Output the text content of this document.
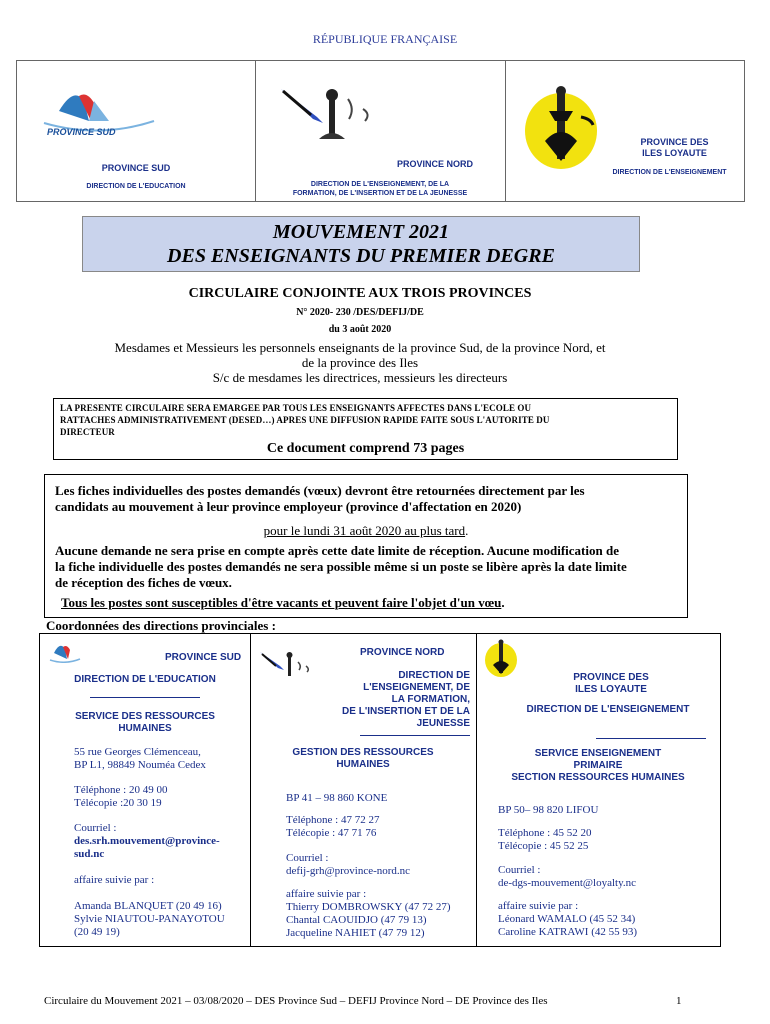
RÉPUBLIQUE FRANÇAISE
PROVINCE SUD
PROVINCE SUD
DIRECTION DE L'EDUCATION
PROVINCE NORD
DIRECTION DE L'ENSEIGNEMENT, DE LA
FORMATION, DE L'INSERTION ET DE LA JEUNESSE
PROVINCE DES
ILES LOYAUTE
DIRECTION DE L'ENSEIGNEMENT
MOUVEMENT 2021
DES ENSEIGNANTS DU PREMIER DEGRE
CIRCULAIRE CONJOINTE AUX TROIS PROVINCES
N° 2020- 230 /DES/DEFIJ/DE
du 3 août 2020
Mesdames et Messieurs les personnels enseignants de la province Sud, de la province Nord, et
de la province des Iles
S/c de mesdames les directrices, messieurs les directeurs
LA PRESENTE CIRCULAIRE SERA EMARGEE PAR TOUS LES ENSEIGNANTS AFFECTES DANS L'ECOLE OU
RATTACHES ADMINISTRATIVEMENT (DESED…) APRES UNE DIFFUSION RAPIDE FAITE SOUS L'AUTORITE DU
DIRECTEUR
Ce document comprend 73 pages
Les fiches individuelles des postes demandés (vœux) devront être retournées directement par les
candidats au mouvement à leur province employeur (province d'affectation en 2020)
pour le lundi 31 août 2020 au plus tard.
Aucune demande ne sera prise en compte après cette date limite de réception. Aucune modification de
la fiche individuelle des postes demandés ne sera possible même si un poste se libère après la date limite
de réception des fiches de vœux.
Tous les postes sont susceptibles d'être vacants et peuvent faire l'objet d'un vœu.
Coordonnées des directions provinciales :
PROVINCE SUD
DIRECTION DE L'EDUCATION
SERVICE DES RESSOURCES
HUMAINES
55 rue Georges Clémenceau,
BP L1, 98849 Nouméa Cedex
Téléphone : 20 49 00
Télécopie :20 30 19
Courriel :
des.srh.mouvement@province-
sud.nc
affaire suivie par :
Amanda BLANQUET (20 49 16)
Sylvie NIAUTOU-PANAYOTOU
(20 49 19)
PROVINCE NORD
DIRECTION DE
L'ENSEIGNEMENT, DE
LA FORMATION,
DE L'INSERTION ET DE LA
JEUNESSE
GESTION DES RESSOURCES
HUMAINES
BP 41 – 98 860 KONE
Téléphone : 47 72 27
Télécopie : 47 71 76
Courriel :
defij-grh@province-nord.nc
affaire suivie par :
Thierry DOMBROWSKY (47 72 27)
Chantal CAOUIDJO (47 79 13)
Jacqueline NAHIET (47 79 12)
PROVINCE DES
ILES LOYAUTE
DIRECTION DE L'ENSEIGNEMENT
SERVICE ENSEIGNEMENT
PRIMAIRE
SECTION RESSOURCES HUMAINES
BP 50– 98 820 LIFOU
Téléphone : 45 52 20
Télécopie : 45 52 25
Courriel :
de-dgs-mouvement@loyalty.nc
affaire suivie par :
Léonard WAMALO (45 52 34)
Caroline KATRAWI (42 55 93)
Circulaire du Mouvement 2021 – 03/08/2020 – DES Province Sud – DEFIJ Province Nord – DE Province des Iles	1
